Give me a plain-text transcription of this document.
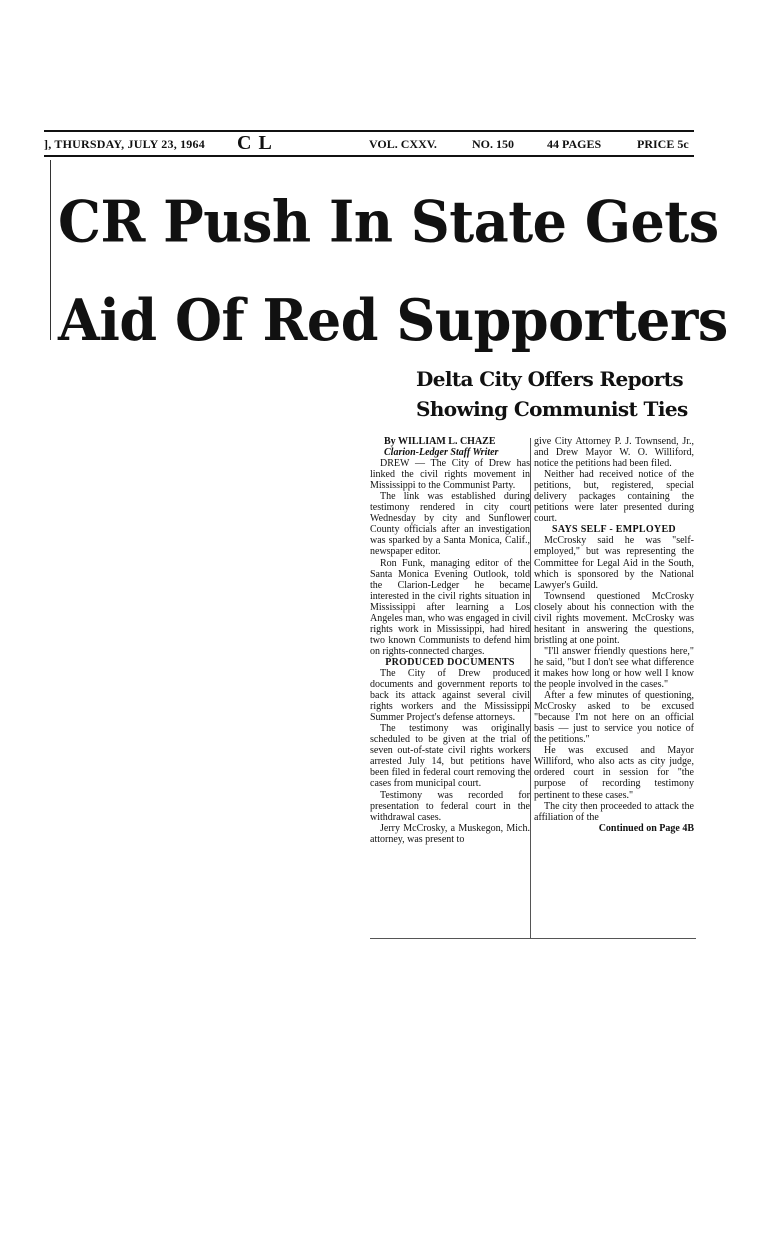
], THURSDAY, JULY 23, 1964 C L	VOL. CXXV.	NO. 150	44 PAGES	PRICE 5c
CR Push In State Gets
Aid Of Red Supporters
Delta City Offers Reports
Showing Communist Ties

By WILLIAM L. CHAZE

Clarion-Ledger Staff Writer

DREW — The City of Drew has linked the civil rights movement in Mississippi to the Communist Party.

The link was established during testimony rendered in city court Wednesday by city and Sunflower County officials after an investigation was sparked by a Santa Monica, Calif., newspaper editor.

Ron Funk, managing editor of the Santa Monica Evening Outlook, told the Clarion-Ledger he became interested in the civil rights situation in Mississippi after learning a Los Angeles man, who was engaged in civil rights work in Mississippi, had hired two known Communists to defend him on rights-connected charges.

PRODUCED DOCUMENTS

The City of Drew produced documents and government reports to back its attack against several civil rights workers and the Mississippi Summer Project's defense attorneys.

The testimony was originally scheduled to be given at the trial of seven out-of-state civil rights workers arrested July 14, but petitions have been filed in federal court removing the cases from municipal court.

Testimony was recorded for presentation to federal court in the withdrawal cases.

Jerry McCrosky, a Muskegon, Mich. attorney, was present to

give City Attorney P. J. Townsend, Jr., and Drew Mayor W. O. Williford, notice the petitions had been filed.

Neither had received notice of the petitions, but, registered, special delivery packages containing the petitions were later presented during court.

SAYS SELF - EMPLOYED

McCrosky said he was "self-employed," but was representing the Committee for Legal Aid in the South, which is sponsored by the National Lawyer's Guild.

Townsend questioned McCrosky closely about his connection with the civil rights movement. McCrosky was hesitant in answering the questions, bristling at one point.

"I'll answer friendly questions here," he said, "but I don't see what difference it makes how long or how well I know the people involved in the cases."

After a few minutes of questioning, McCrosky asked to be excused "because I'm not here on an official basis — just to service you notice of the petitions."

He was excused and Mayor Williford, who also acts as city judge, ordered court in session for "the purpose of recording testimony pertinent to these cases."

The city then proceeded to attack the affiliation of the

Continued on Page 4B
